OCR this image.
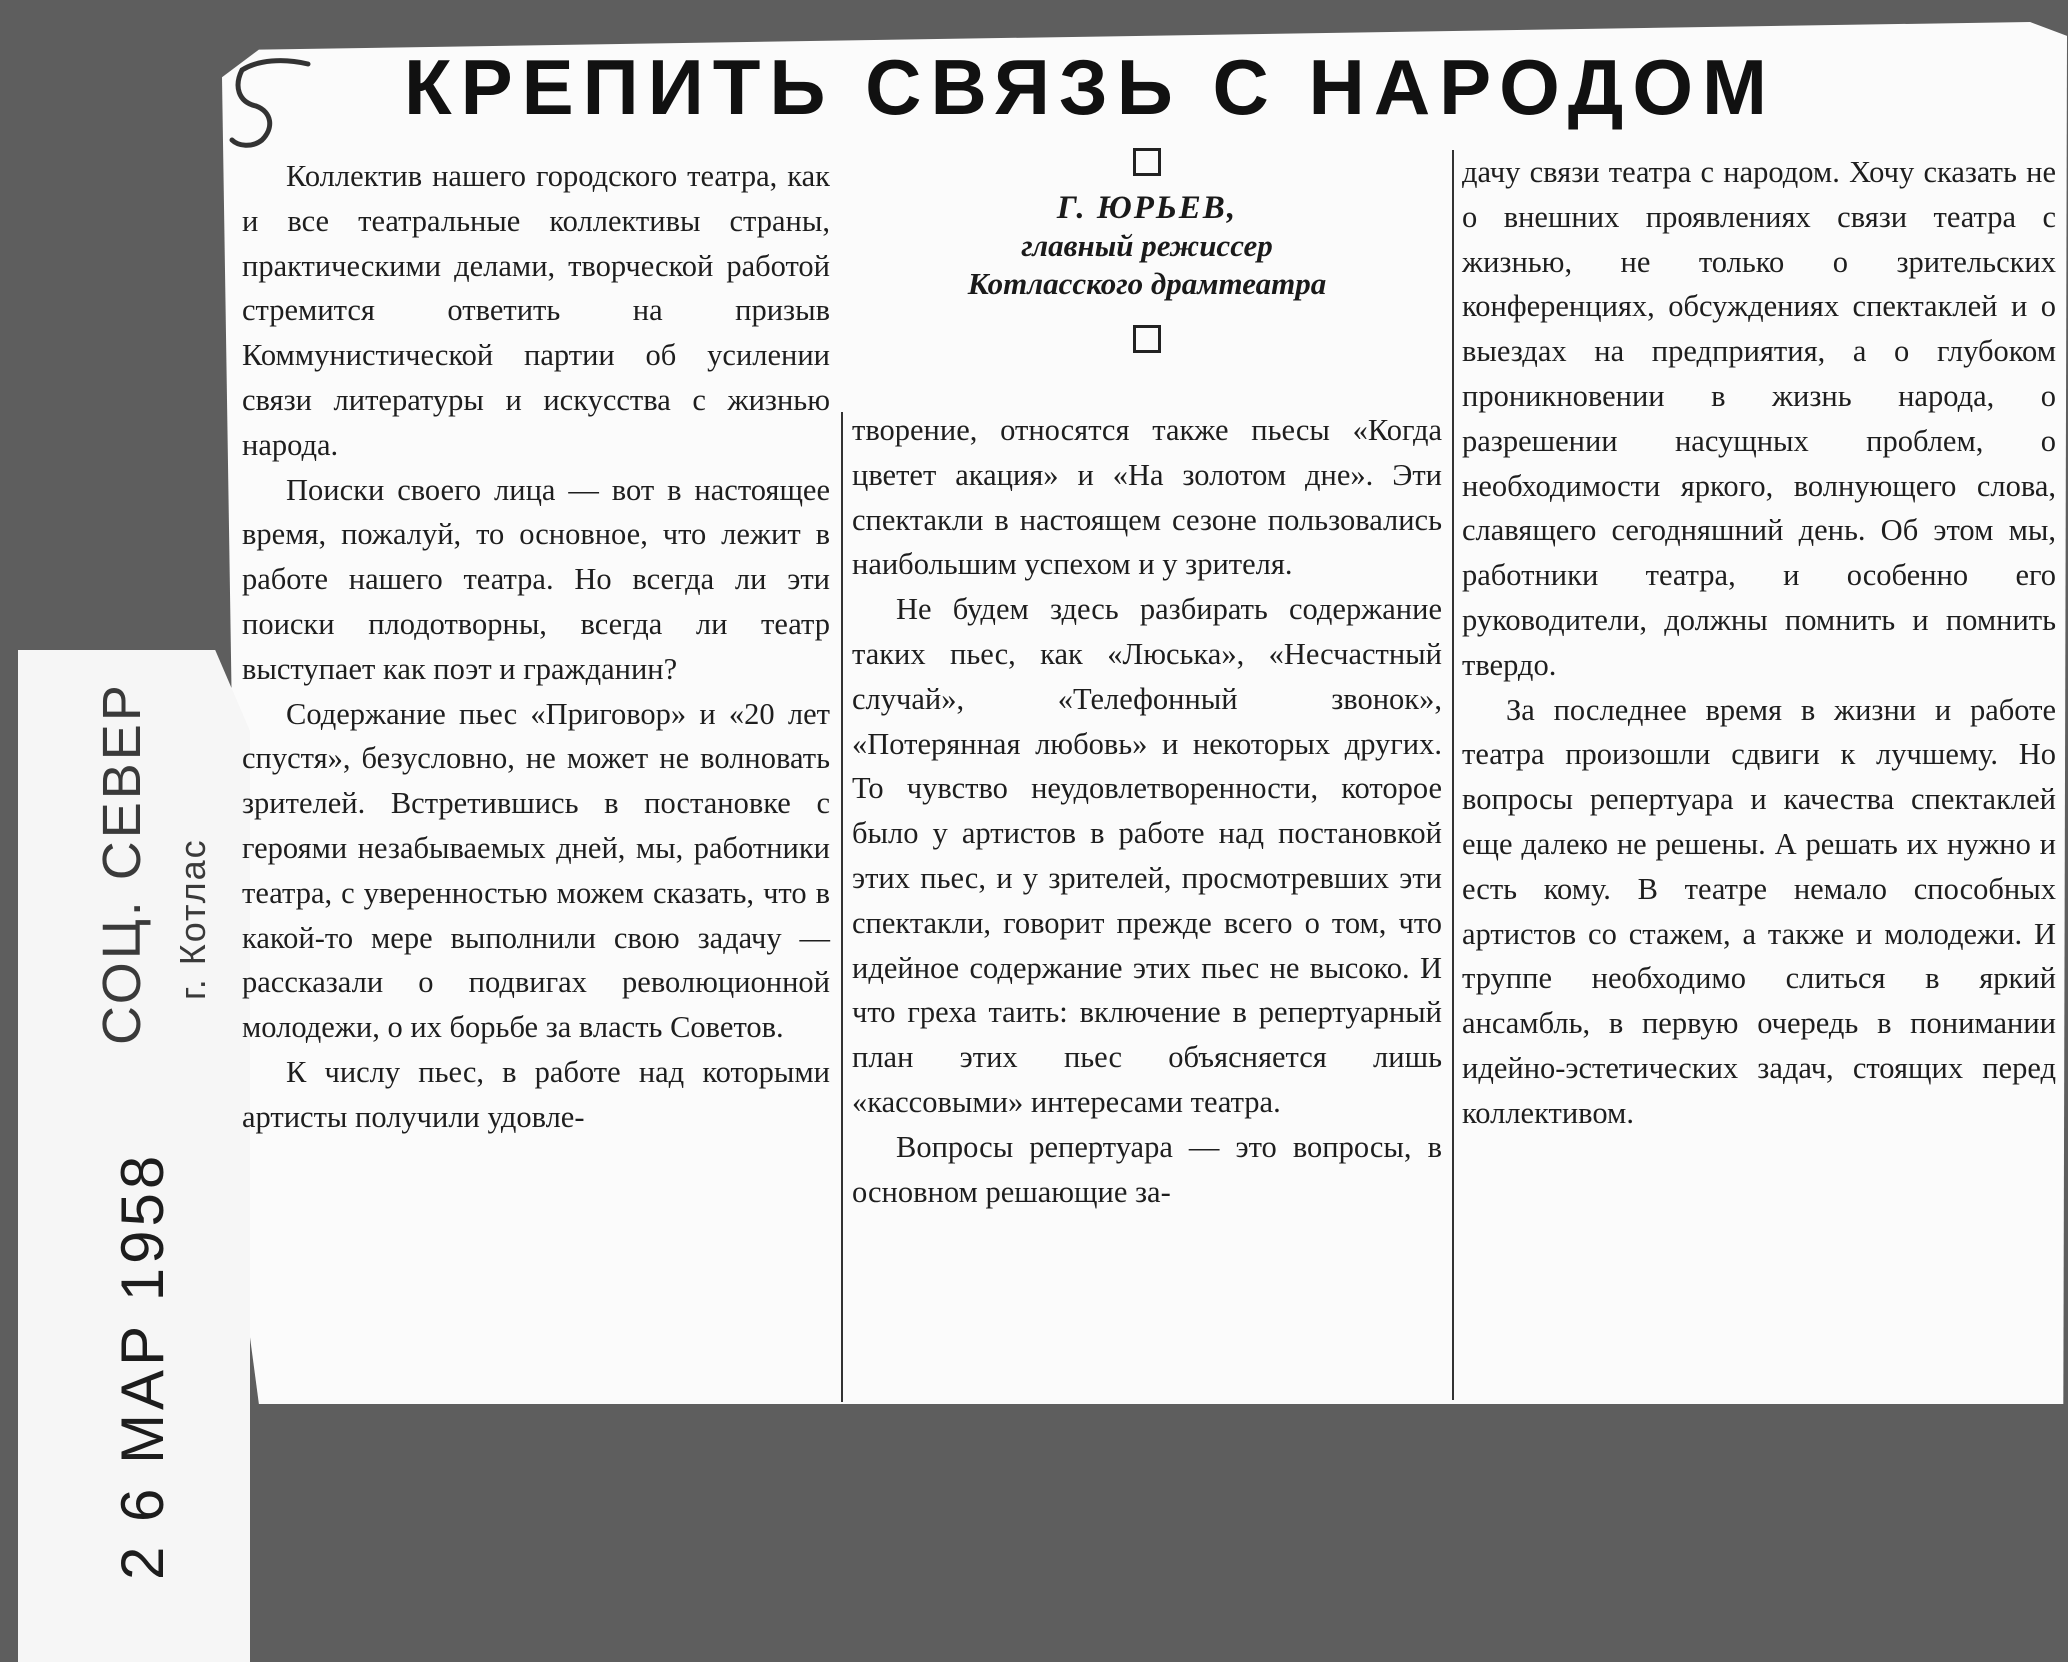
СОЦ. СЕВЕР г. Котлас
2 6 МАР 1958
КРЕПИТЬ СВЯЗЬ С НАРОДОМ

Коллектив нашего городского театра, как и все театральные коллективы страны, практическими делами, творческой работой стремится ответить на призыв Коммунистической партии об усилении связи литературы и искусства с жизнью народа.

Поиски своего лица — вот в настоящее время, пожалуй, то основное, что лежит в работе нашего театра. Но всегда ли эти поиски плодотворны, всегда ли театр выступает как поэт и гражданин?

Содержание пьес «Приговор» и «20 лет спустя», безусловно, не может не волновать зрителей. Встретившись в постановке с героями незабываемых дней, мы, работники театра, с уверенностью можем сказать, что в какой-то мере выполнили свою задачу — рассказали о подвигах революционной молодежи, о их борьбе за власть Советов.

К числу пьес, в работе над которыми артисты получили удовле-

Г. ЮРЬЕВ,
главный режиссер
Котласского драмтеатра

творение, относятся также пьесы «Когда цветет акация» и «На золотом дне». Эти спектакли в настоящем сезоне пользовались наибольшим успехом и у зрителя.

Не будем здесь разбирать содержание таких пьес, как «Люська», «Несчастный случай», «Телефонный звонок», «Потерянная любовь» и некоторых других. То чувство неудовлетворенности, которое было у артистов в работе над постановкой этих пьес, и у зрителей, просмотревших эти спектакли, говорит прежде всего о том, что идейное содержание этих пьес не высоко. И что греха таить: включение в репертуарный план этих пьес объясняется лишь «кассовыми» интересами театра.

Вопросы репертуара — это вопросы, в основном решающие за-

дачу связи театра с народом. Хочу сказать не о внешних проявлениях связи театра с жизнью, не только о зрительских конференциях, обсуждениях спектаклей и о выездах на предприятия, а о глубоком проникновении в жизнь народа, о разрешении насущных проблем, о необходимости яркого, волнующего слова, славящего сегодняшний день. Об этом мы, работники театра, и особенно его руководители, должны помнить и помнить твердо.

За последнее время в жизни и работе театра произошли сдвиги к лучшему. Но вопросы репертуара и качества спектаклей еще далеко не решены. А решать их нужно и есть кому. В театре немало способных артистов со стажем, а также и молодежи. И труппе необходимо слиться в яркий ансамбль, в первую очередь в понимании идейно-эстетических задач, стоящих перед коллективом.
